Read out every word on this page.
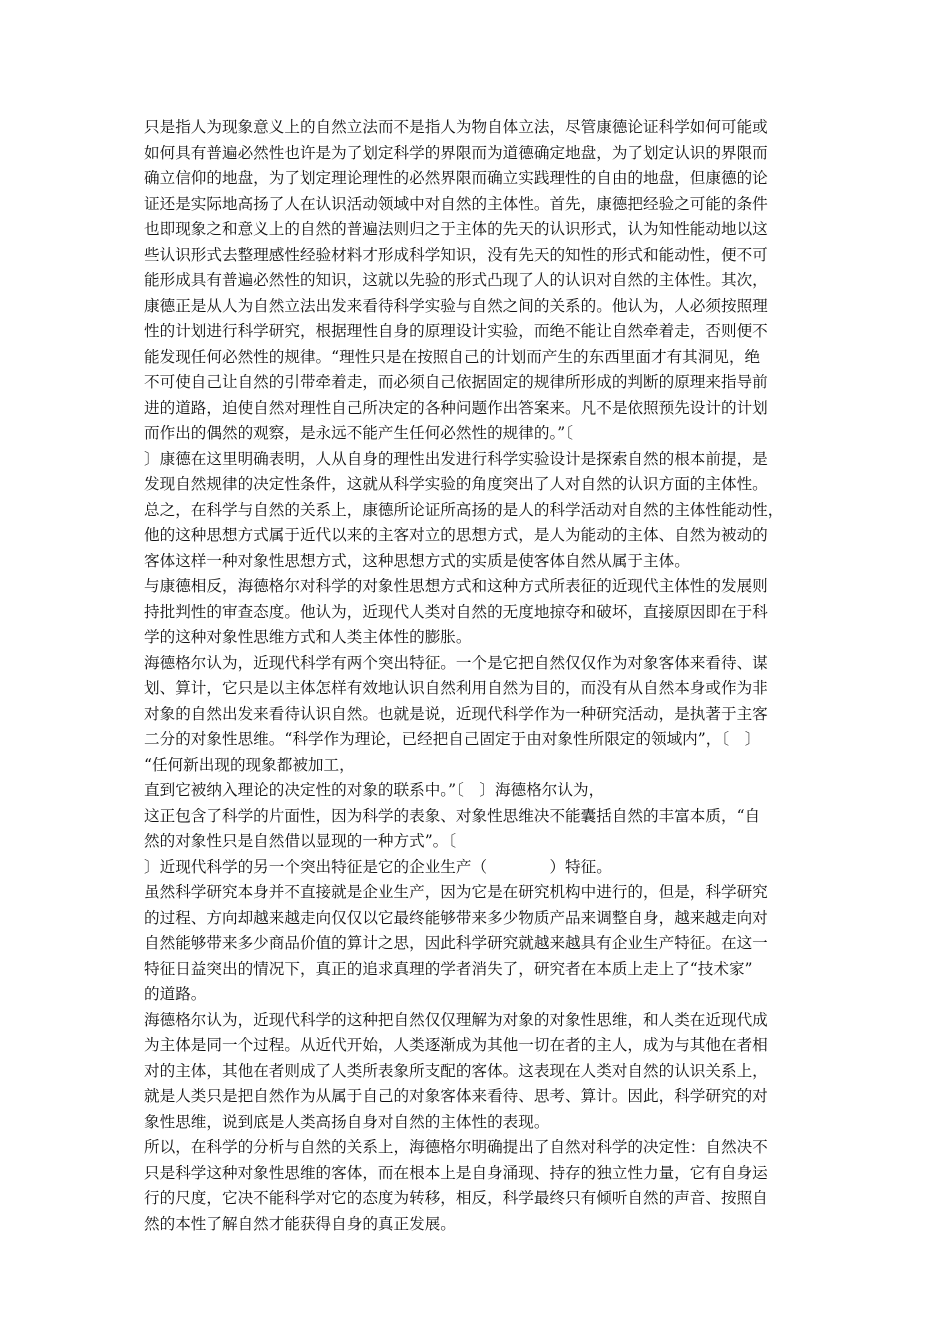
只是指人为现象意义上的自然立法而不是指人为物自体立法，尽管康德论证科学如何可能或
如何具有普遍必然性也许是为了划定科学的界限而为道德确定地盘，为了划定认识的界限而
确立信仰的地盘，为了划定理论理性的必然界限而确立实践理性的自由的地盘，但康德的论
证还是实际地高扬了人在认识活动领域中对自然的主体性。首先，康德把经验之可能的条件
也即现象之和意义上的自然的普遍法则归之于主体的先天的认识形式，认为知性能动地以这
些认识形式去整理感性经验材料才形成科学知识，没有先天的知性的形式和能动性，便不可
能形成具有普遍必然性的知识，这就以先验的形式凸现了人的认识对自然的主体性。其次，
康德正是从人为自然立法出发来看待科学实验与自然之间的关系的。他认为，人必须按照理
性的计划进行科学研究，根据理性自身的原理设计实验，而绝不能让自然牵着走，否则便不
能发现任何必然性的规律。“理性只是在按照自己的计划而产生的东西里面才有其洞见，绝
不可使自己让自然的引带牵着走，而必须自己依据固定的规律所形成的判断的原理来指导前
进的道路，迫使自然对理性自己所决定的各种问题作出答案来。凡不是依照预先设计的计划
而作出的偶然的观察，是永远不能产生任何必然性的规律的。”〔

〕康德在这里明确表明，人从自身的理性出发进行科学实验设计是探索自然的根本前提，是
发现自然规律的决定性条件，这就从科学实验的角度突出了人对自然的认识方面的主体性。

总之，在科学与自然的关系上，康德所论证所高扬的是人的科学活动对自然的主体性能动性，
他的这种思想方式属于近代以来的主客对立的思想方式，是人为能动的主体、自然为被动的
客体这样一种对象性思想方式，这种思想方式的实质是使客体自然从属于主体。

与康德相反，海德格尔对科学的对象性思想方式和这种方式所表征的近现代主体性的发展则
持批判性的审查态度。他认为，近现代人类对自然的无度地掠夺和破坏，直接原因即在于科
学的这种对象性思维方式和人类主体性的膨胀。

海德格尔认为，近现代科学有两个突出特征。一个是它把自然仅仅作为对象客体来看待、谋
划、算计，它只是以主体怎样有效地认识自然利用自然为目的，而没有从自然本身或作为非
对象的自然出发来看待认识自然。也就是说，近现代科学作为一种研究活动，是执著于主客
二分的对象性思维。“科学作为理论，已经把自己固定于由对象性所限定的领域内”，〔　〕
“任何新出现的现象都被加工，

直到它被纳入理论的决定性的对象的联系中。”〔　〕海德格尔认为，

这正包含了科学的片面性，因为科学的表象、对象性思维决不能囊括自然的丰富本质，“自
然的对象性只是自然借以显现的一种方式”。〔

〕近现代科学的另一个突出特征是它的企业生产（　　　　）特征。

虽然科学研究本身并不直接就是企业生产，因为它是在研究机构中进行的，但是，科学研究
的过程、方向却越来越走向仅仅以它最终能够带来多少物质产品来调整自身，越来越走向对
自然能够带来多少商品价值的算计之思，因此科学研究就越来越具有企业生产特征。在这一
特征日益突出的情况下，真正的追求真理的学者消失了，研究者在本质上走上了“技术家”
的道路。

海德格尔认为，近现代科学的这种把自然仅仅理解为对象的对象性思维，和人类在近现代成
为主体是同一个过程。从近代开始，人类逐渐成为其他一切在者的主人，成为与其他在者相
对的主体，其他在者则成了人类所表象所支配的客体。这表现在人类对自然的认识关系上，
就是人类只是把自然作为从属于自己的对象客体来看待、思考、算计。因此，科学研究的对
象性思维，说到底是人类高扬自身对自然的主体性的表现。

所以，在科学的分析与自然的关系上，海德格尔明确提出了自然对科学的决定性：自然决不
只是科学这种对象性思维的客体，而在根本上是自身涌现、持存的独立性力量，它有自身运
行的尺度，它决不能科学对它的态度为转移，相反，科学最终只有倾听自然的声音、按照自
然的本性了解自然才能获得自身的真正发展。
